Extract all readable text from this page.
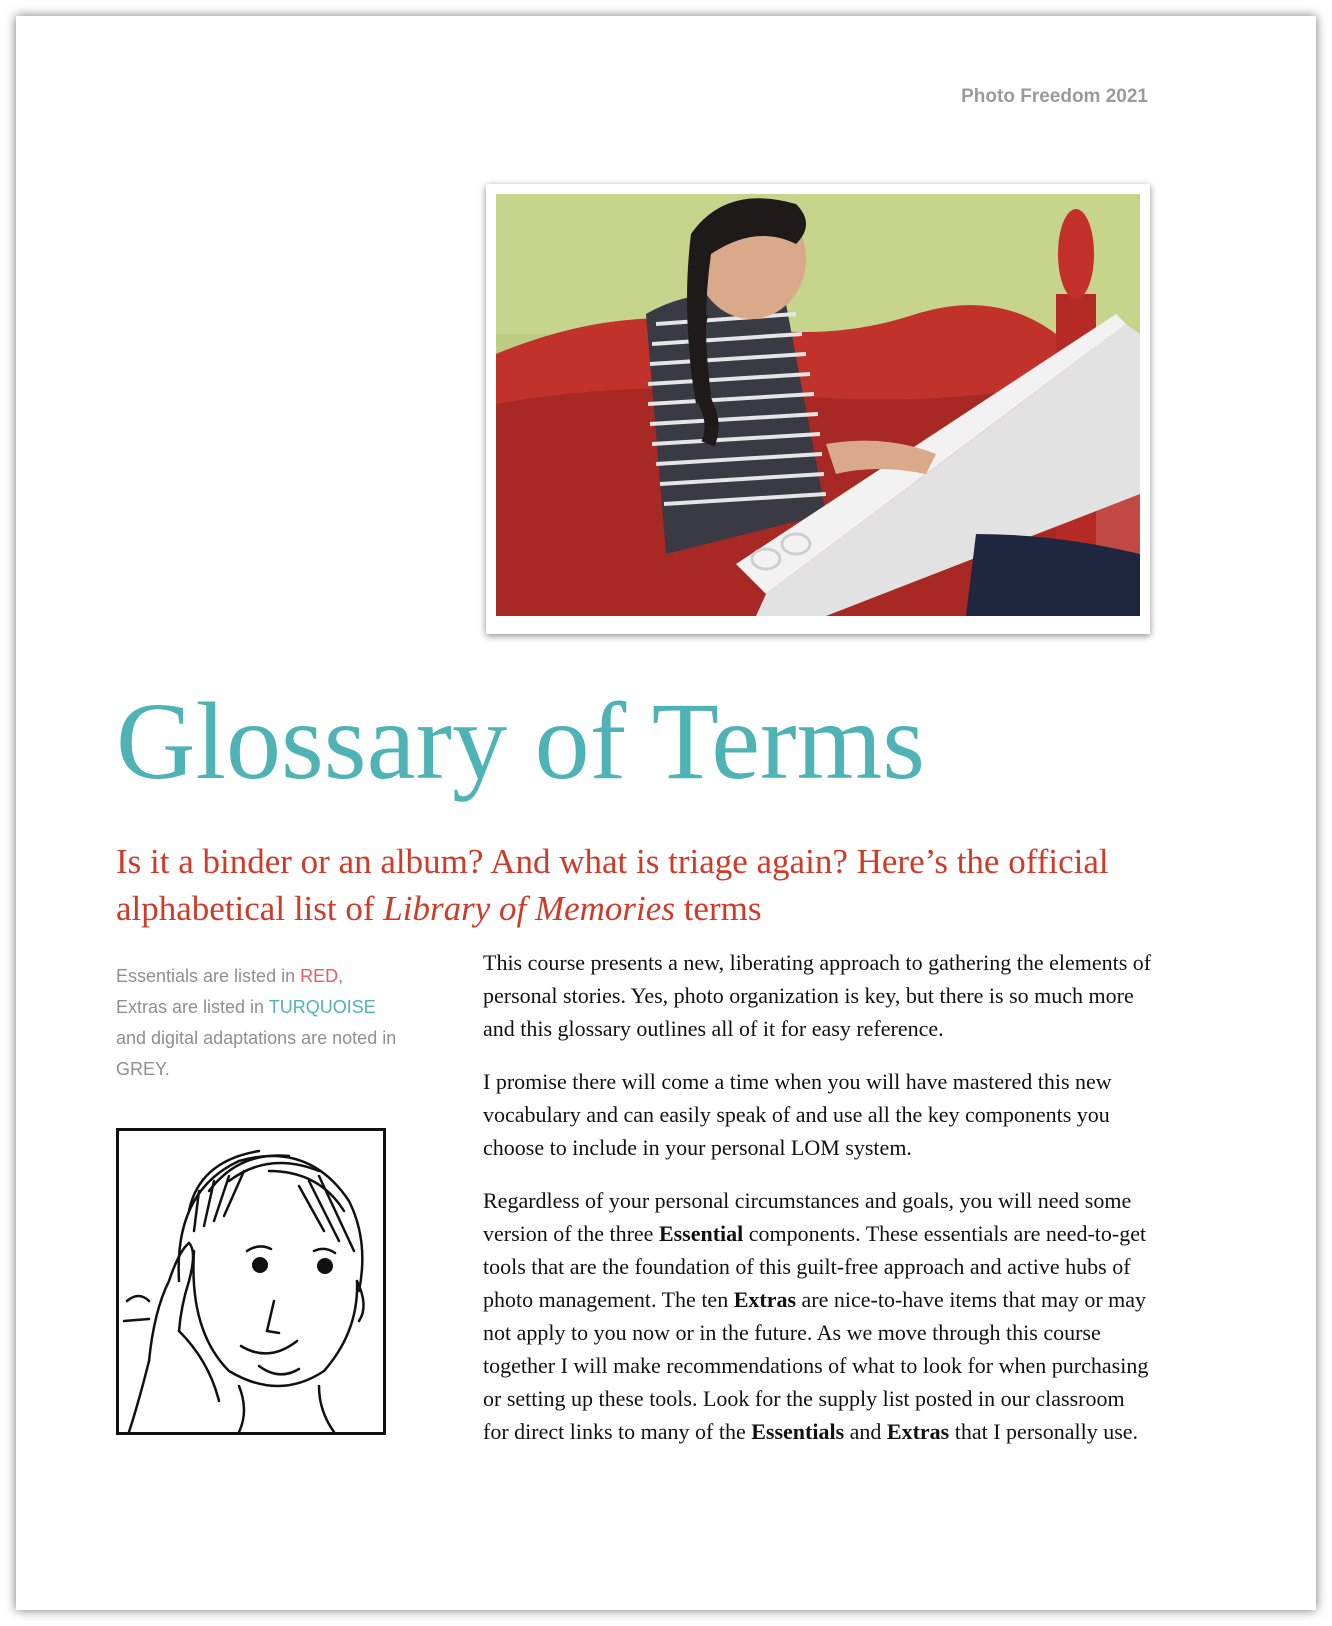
Photo Freedom 2021
Glossary of Terms
Is it a binder or an album? And what is triage again? Here’s the official alphabetical list of Library of Memories terms
Essentials are listed in RED,
Extras are listed in TURQUOISE
and digital adaptations are noted in GREY.

This course presents a new, liberating approach to gathering the elements of personal stories. Yes, photo organization is key, but there is so much more and this glossary outlines all of it for easy reference.

I promise there will come a time when you will have mastered this new vocabulary and can easily speak of and use all the key components you choose to include in your personal LOM system.

Regardless of your personal circumstances and goals, you will need some version of the three Essential components. These essentials are need-to-get tools that are the foundation of this guilt-free approach and active hubs of photo management. The ten Extras are nice-to-have items that may or may not apply to you now or in the future. As we move through this course together I will make recommendations of what to look for when purchasing or setting up these tools. Look for the supply list posted in our classroom for direct links to many of the Essentials and Extras that I personally use.
